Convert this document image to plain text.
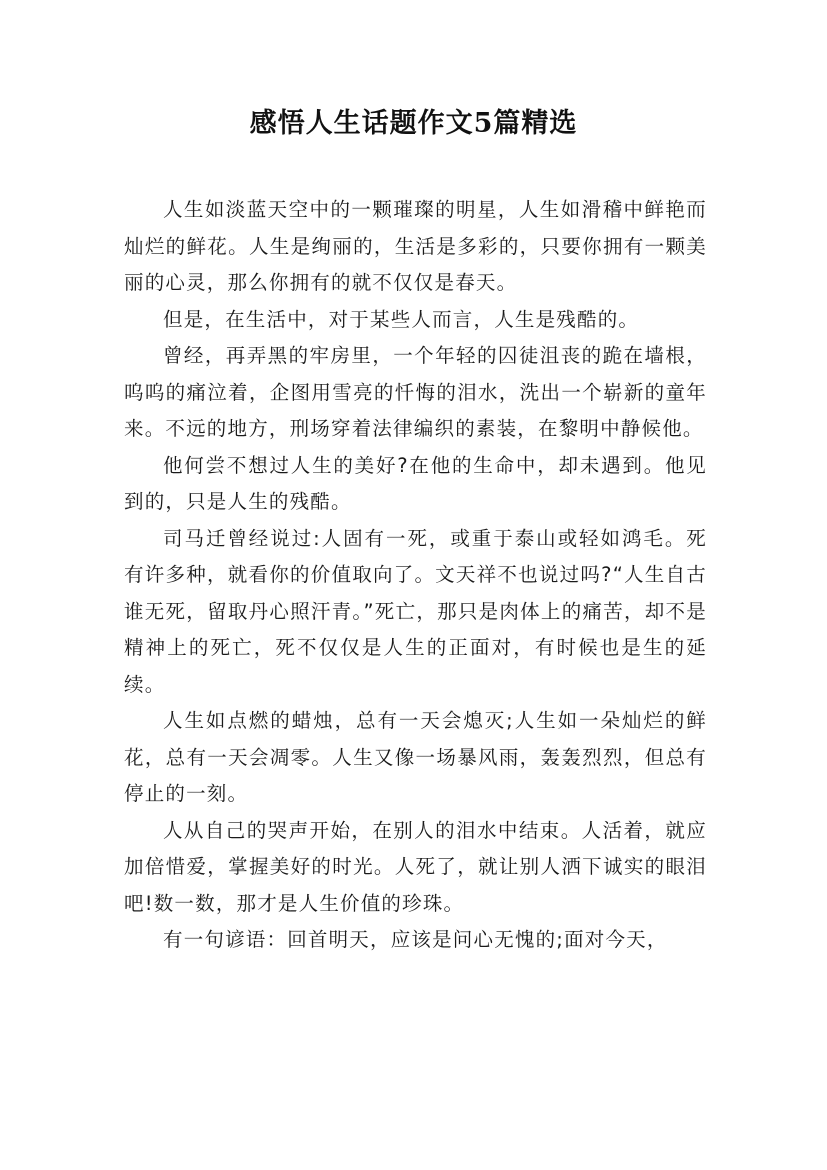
感悟人生话题作文5篇精选

人生如淡蓝天空中的一颗璀璨的明星，人生如滑稽中鲜艳而灿烂的鲜花。人生是绚丽的，生活是多彩的，只要你拥有一颗美丽的心灵，那么你拥有的就不仅仅是春天。

但是，在生活中，对于某些人而言，人生是残酷的。

曾经，再弄黑的牢房里，一个年轻的囚徒沮丧的跪在墙根，呜呜的痛泣着，企图用雪亮的忏悔的泪水，洗出一个崭新的童年来。不远的地方，刑场穿着法律编织的素装，在黎明中静候他。

他何尝不想过人生的美好?在他的生命中，却未遇到。他见到的，只是人生的残酷。

司马迁曾经说过:人固有一死，或重于泰山或轻如鸿毛。死有许多种，就看你的价值取向了。文天祥不也说过吗?“人生自古谁无死，留取丹心照汗青。”死亡，那只是肉体上的痛苦，却不是精神上的死亡，死不仅仅是人生的正面对，有时候也是生的延续。

人生如点燃的蜡烛，总有一天会熄灭;人生如一朵灿烂的鲜花，总有一天会凋零。人生又像一场暴风雨，轰轰烈烈，但总有停止的一刻。

人从自己的哭声开始，在别人的泪水中结束。人活着，就应加倍惜爱，掌握美好的时光。人死了，就让别人洒下诚实的眼泪吧!数一数，那才是人生价值的珍珠。

有一句谚语：回首明天，应该是问心无愧的;面对今天，
